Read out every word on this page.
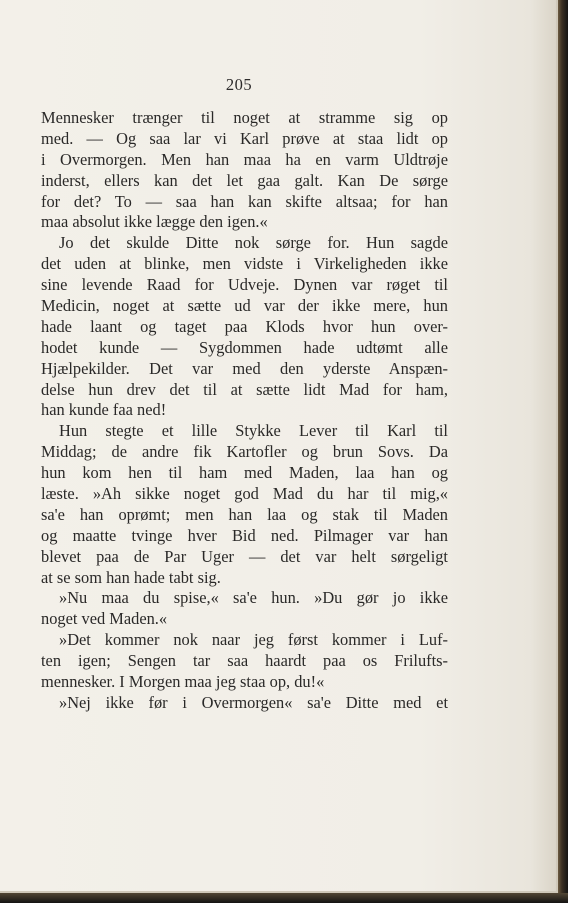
205
Mennesker trænger til noget at stramme sig op
med. — Og saa lar vi Karl prøve at staa lidt op
i Overmorgen. Men han maa ha en varm Uldtrøje
inderst, ellers kan det let gaa galt. Kan De sørge
for det? To — saa han kan skifte altsaa; for han
maa absolut ikke lægge den igen.«
Jo det skulde Ditte nok sørge for. Hun sagde
det uden at blinke, men vidste i Virkeligheden ikke
sine levende Raad for Udveje. Dynen var røget til
Medicin, noget at sætte ud var der ikke mere, hun
hade laant og taget paa Klods hvor hun over-
hodet kunde — Sygdommen hade udtømt alle
Hjælpekilder. Det var med den yderste Anspæn-
delse hun drev det til at sætte lidt Mad for ham,
han kunde faa ned!
Hun stegte et lille Stykke Lever til Karl til
Middag; de andre fik Kartofler og brun Sovs. Da
hun kom hen til ham med Maden, laa han og
læste. »Ah sikke noget god Mad du har til mig,«
sa'e han oprømt; men han laa og stak til Maden
og maatte tvinge hver Bid ned. Pilmager var han
blevet paa de Par Uger — det var helt sørgeligt
at se som han hade tabt sig.
»Nu maa du spise,« sa'e hun. »Du gør jo ikke
noget ved Maden.«
»Det kommer nok naar jeg først kommer i Luf-
ten igen; Sengen tar saa haardt paa os Frilufts-
mennesker. I Morgen maa jeg staa op, du!«
»Nej ikke før i Overmorgen« sa'e Ditte med et
